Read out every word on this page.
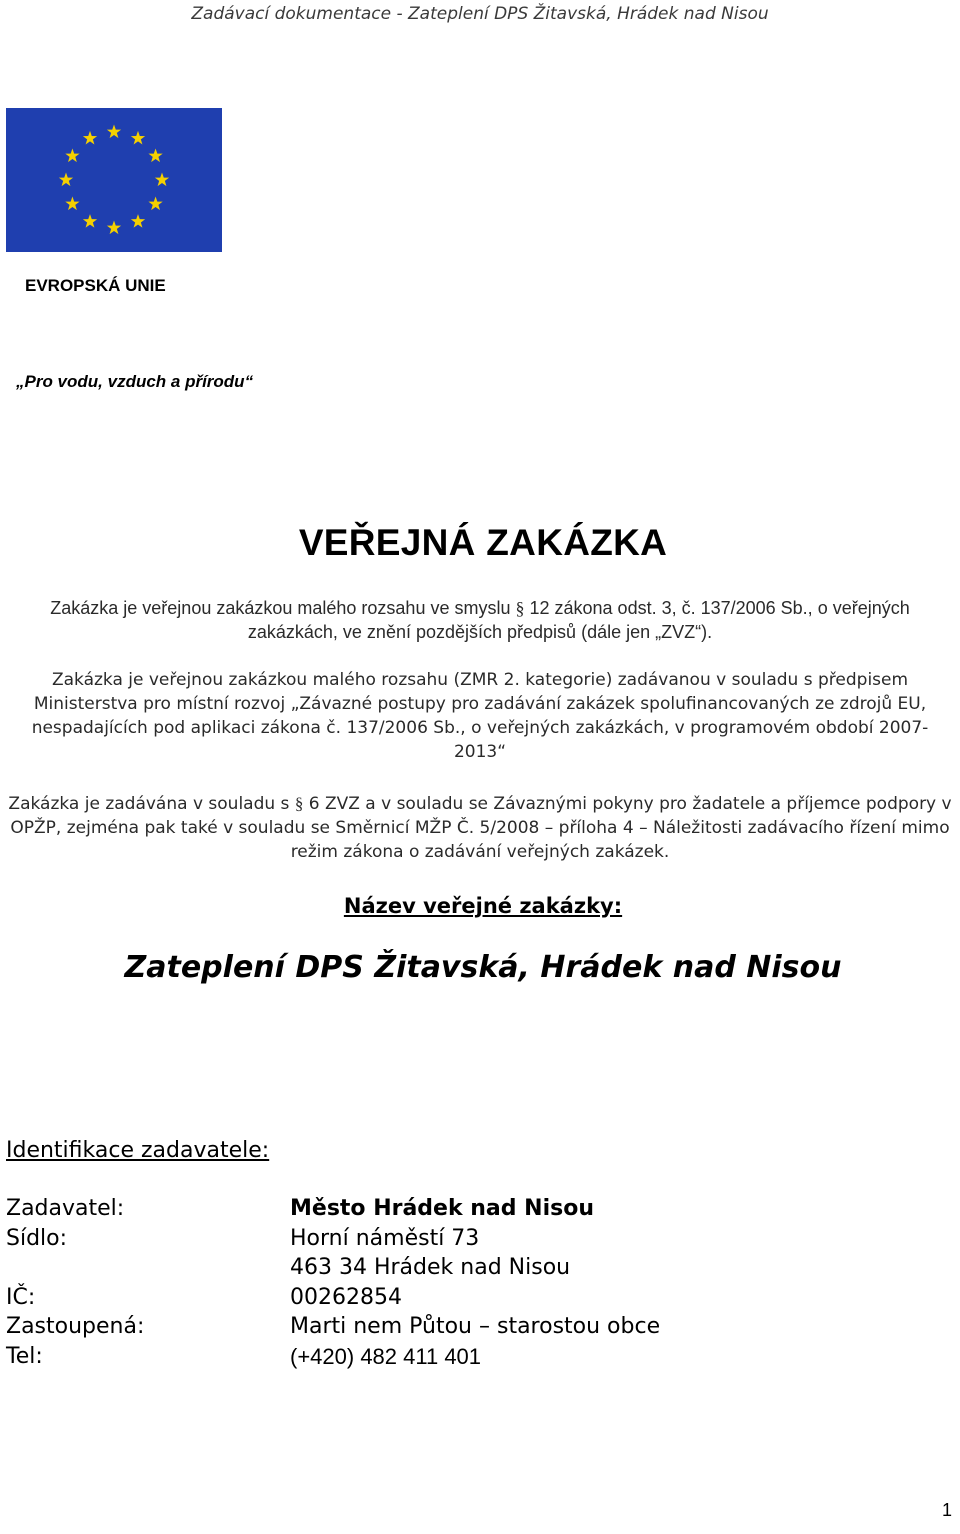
Zadávací dokumentace - Zateplení DPS Žitavská, Hrádek nad Nisou
EVROPSKÁ UNIE
„Pro vodu, vzduch a přírodu“
VEŘEJNÁ ZAKÁZKA
Zakázka je veřejnou zakázkou malého rozsahu ve smyslu § 12 zákona odst. 3, č. 137/2006 Sb., o veřejných zakázkách, ve znění pozdějších předpisů (dále jen „ZVZ“).
Zakázka je veřejnou zakázkou malého rozsahu (ZMR 2. kategorie) zadávanou v souladu s předpisem Ministerstva pro místní rozvoj „Závazné postupy pro zadávání zakázek spolufinancovaných ze zdrojů EU, nespadajících pod aplikaci zákona č. 137/2006 Sb., o veřejných zakázkách, v programovém období 2007-2013“
Zakázka je zadávána v souladu s § 6 ZVZ a v souladu se Závaznými pokyny pro žadatele a příjemce podpory v OPŽP, zejména pak také v souladu se Směrnicí MŽP Č. 5/2008 – příloha 4 – Náležitosti zadávacího řízení mimo režim zákona o zadávání veřejných zakázek.
Název veřejné zakázky:
Zateplení DPS Žitavská, Hrádek nad Nisou
Identifikace zadavatele:
Zadavatel:	Město Hrádek nad Nisou
Sídlo:	Horní náměstí 73
463 34 Hrádek nad Nisou
IČ:	00262854
Zastoupená:	Marti nem Půtou – starostou obce
Tel:	(+420) 482 411 401
1
